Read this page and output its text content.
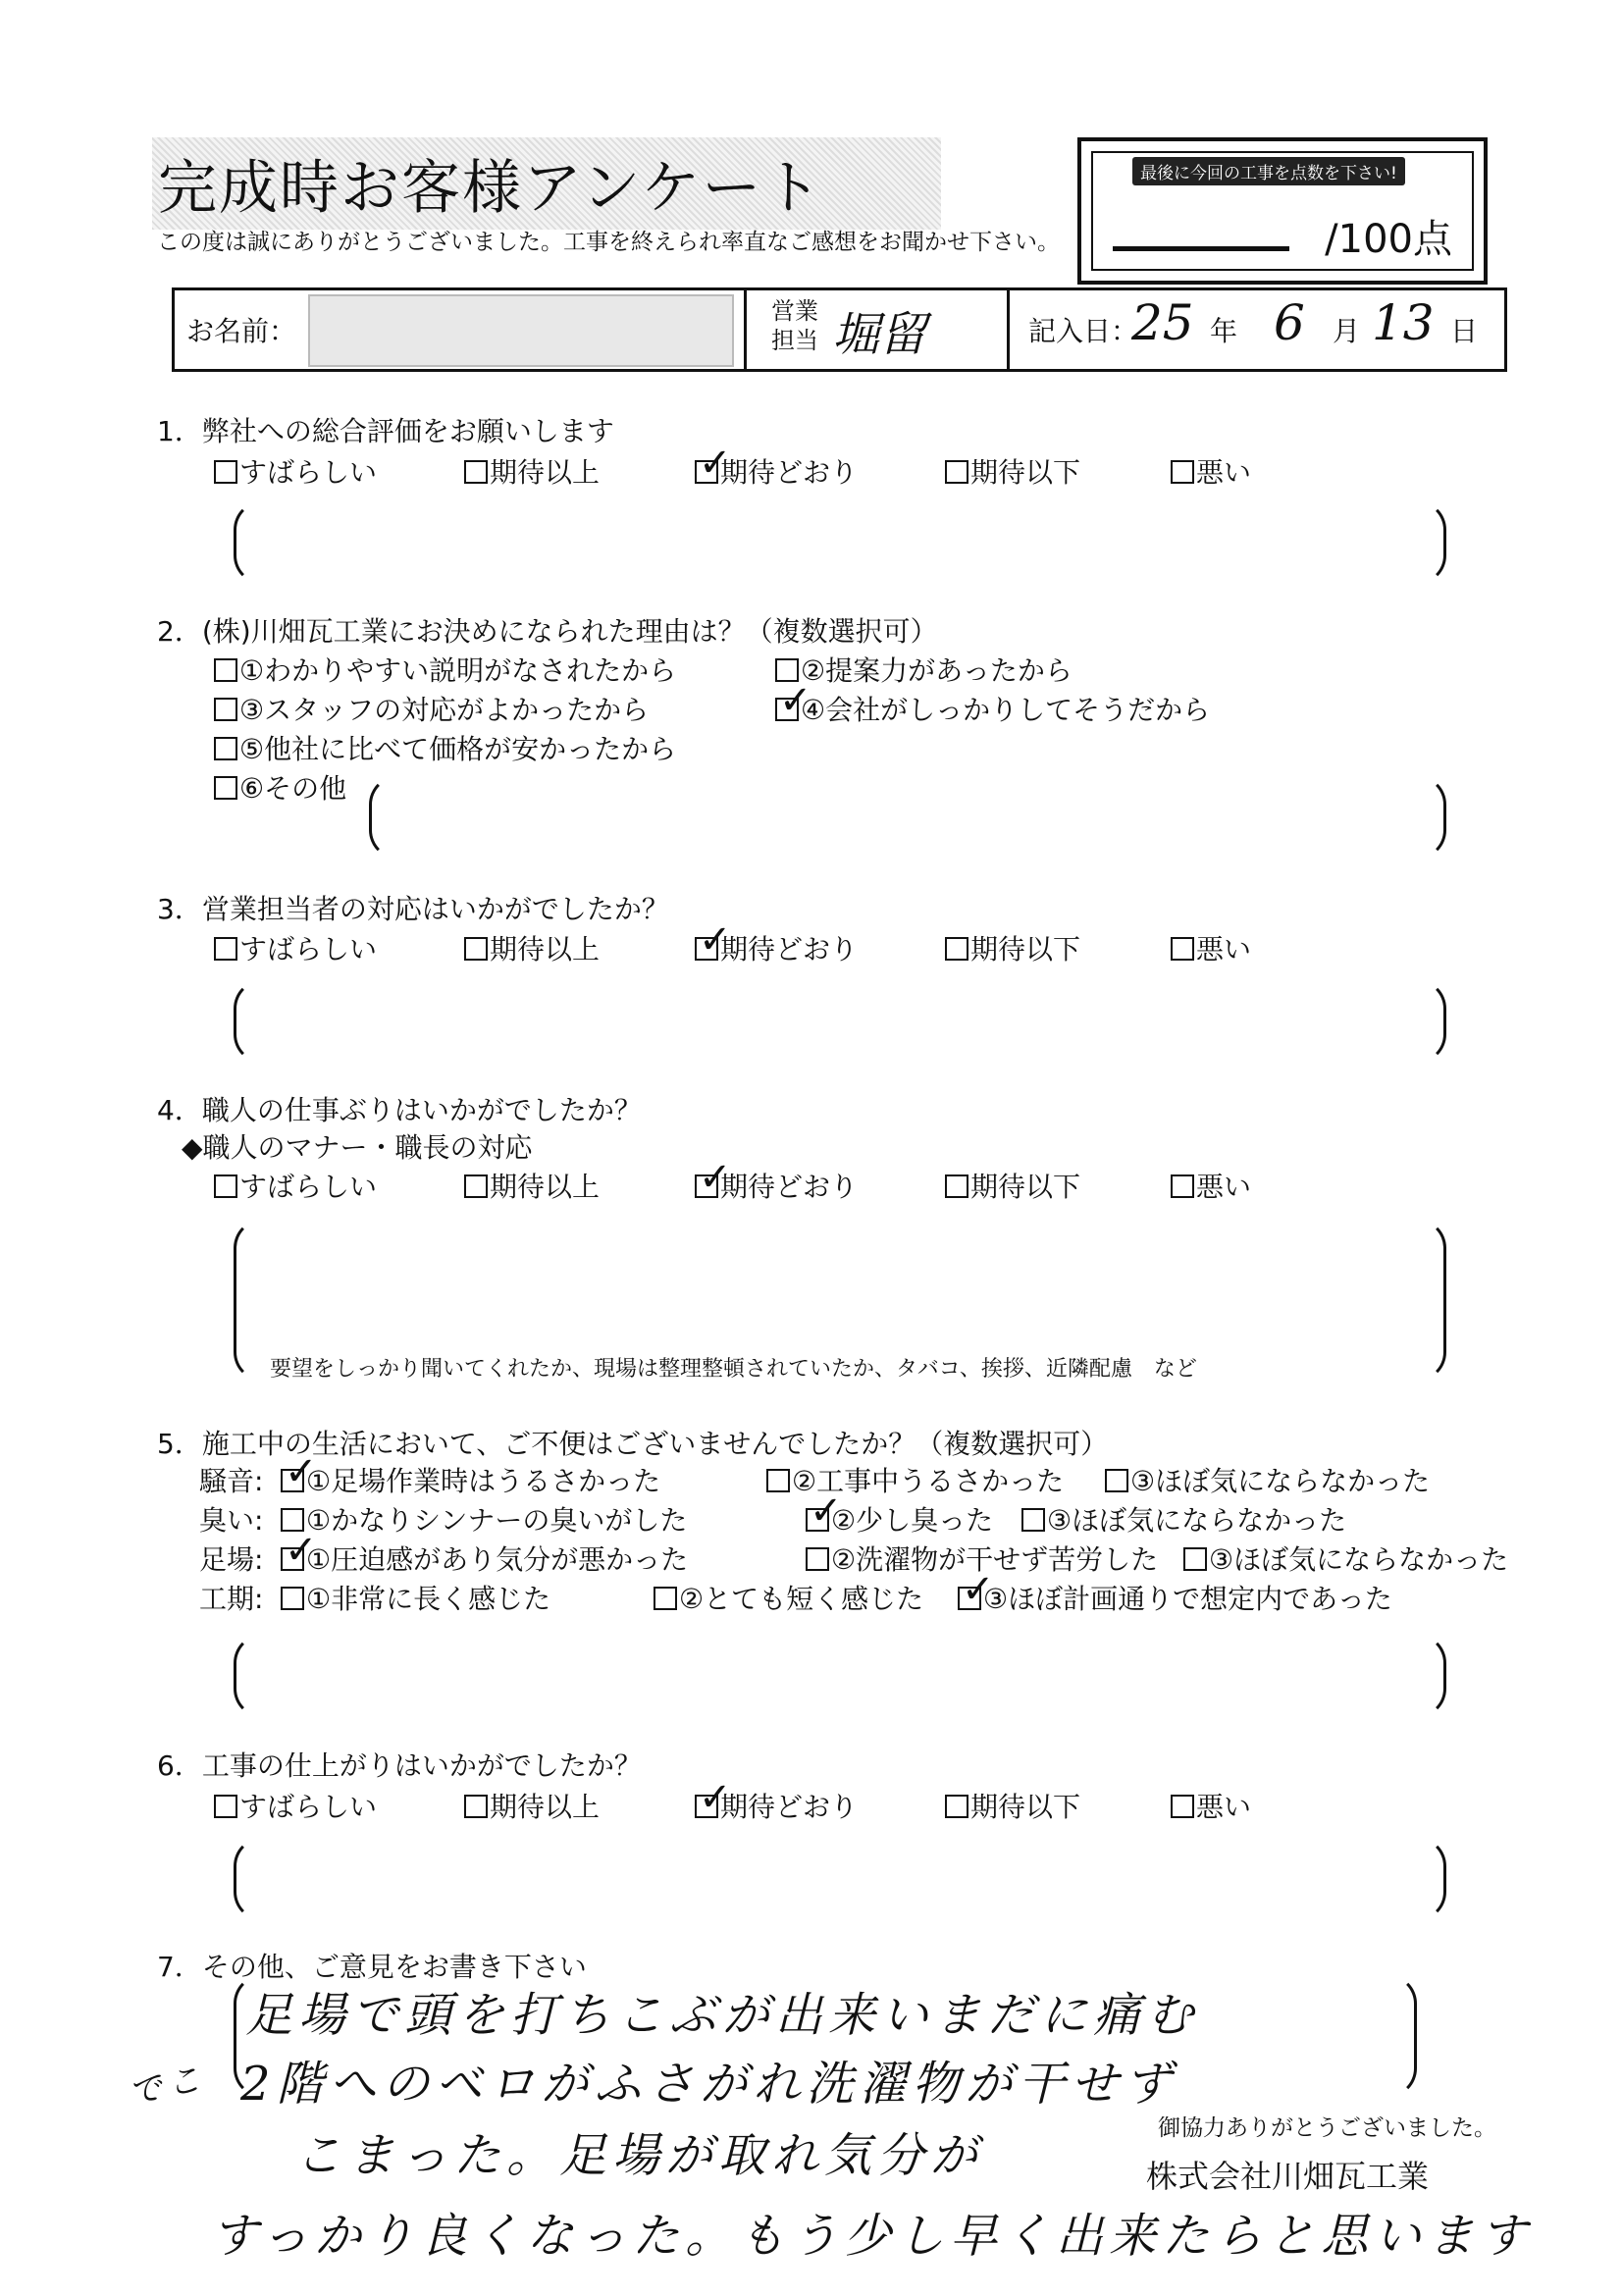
完成時お客様アンケート
この度は誠にありがとうございました。工事を終えられ率直なご感想をお聞かせ下さい。
最後に今回の工事を点数を下さい!
/100点
お名前：
営業
担当 堀留	記入日：
25 年 6 月 13 日
1．弊社への総合評価をお願いします
すばらしい	期待以上 ✓	期待どおり	期待以下	悪い
2．(株)川畑瓦工業にお決めになられた理由は？（複数選択可）
①わかりやすい説明がなされたから	②提案力があったから
③スタッフの対応がよかったから ✓	④会社がしっかりしてそうだから
⑤他社に比べて価格が安かったから
⑥その他
3．営業担当者の対応はいかがでしたか？
すばらしい	期待以上 ✓	期待どおり	期待以下	悪い
4．職人の仕事ぶりはいかがでしたか？
◆職人のマナー・職長の対応
すばらしい	期待以上 ✓	期待どおり	期待以下	悪い
要望をしっかり聞いてくれたか、現場は整理整頓されていたか、タバコ、挨拶、近隣配慮　など
5．施工中の生活において、ご不便はございませんでしたか？（複数選択可）
騒音: ✓	①足場作業時はうるさかった	②工事中うるさかった	③ほぼ気にならなかった
臭い:	①かなりシンナーの臭いがした ✓	②少し臭った	③ほぼ気にならなかった
足場: ✓	①圧迫感があり気分が悪かった	②洗濯物が干せず苦労した	③ほぼ気にならなかった
工期:	①非常に長く感じた	②とても短く感じた ✓	③ほぼ計画通りで想定内であった
6．工事の仕上がりはいかがでしたか？
すばらしい	期待以上 ✓	期待どおり	期待以下	悪い
7．その他、ご意見をお書き下さい
足場で頭を打ちこぶが出来いまだに痛む
2階へのベロがふさがれ洗濯物が干せず
でこ
こまった。足場が取れ気分が
すっかり良くなった。もう少し早く出来たらと思います
御協力ありがとうございました。
株式会社川畑瓦工業
